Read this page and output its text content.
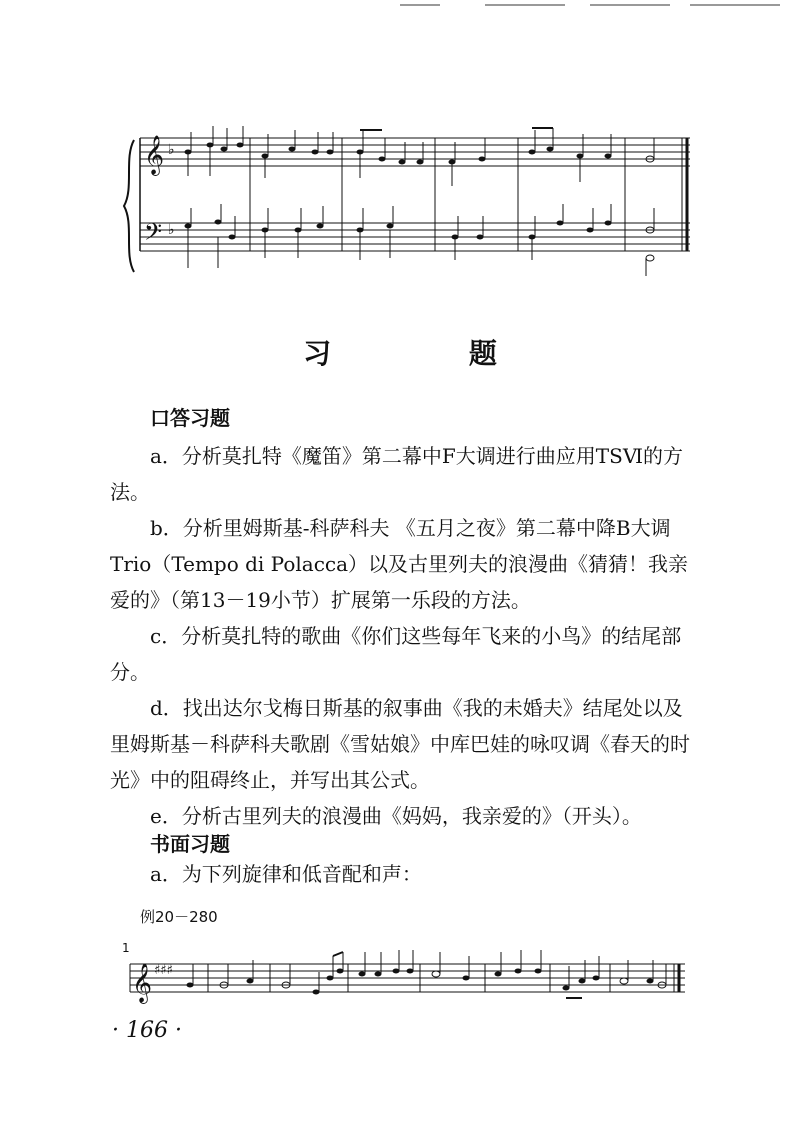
𝄞
𝄢
♭
♭
习 题
口答习题
a．分析莫扎特《魔笛》第二幕中F大调进行曲应用TSⅥ的方法。
b．分析里姆斯基-科萨科夫 《五月之夜》第二幕中降B大调Trio（Tempo di Polacca）以及古里列夫的浪漫曲《猜猜！我亲爱的》（第13－19小节）扩展第一乐段的方法。
c．分析莫扎特的歌曲《你们这些每年飞来的小鸟》的结尾部分。
d．找出达尔戈梅日斯基的叙事曲《我的未婚夫》结尾处以及里姆斯基－科萨科夫歌剧《雪姑娘》中库巴娃的咏叹调《春天的时光》中的阻碍终止，并写出其公式。
e．分析古里列夫的浪漫曲《妈妈，我亲爱的》（开头）。
书面习题
a．为下列旋律和低音配和声：
例20－280
1
𝄞 ♯♯♯
· 166 ·
